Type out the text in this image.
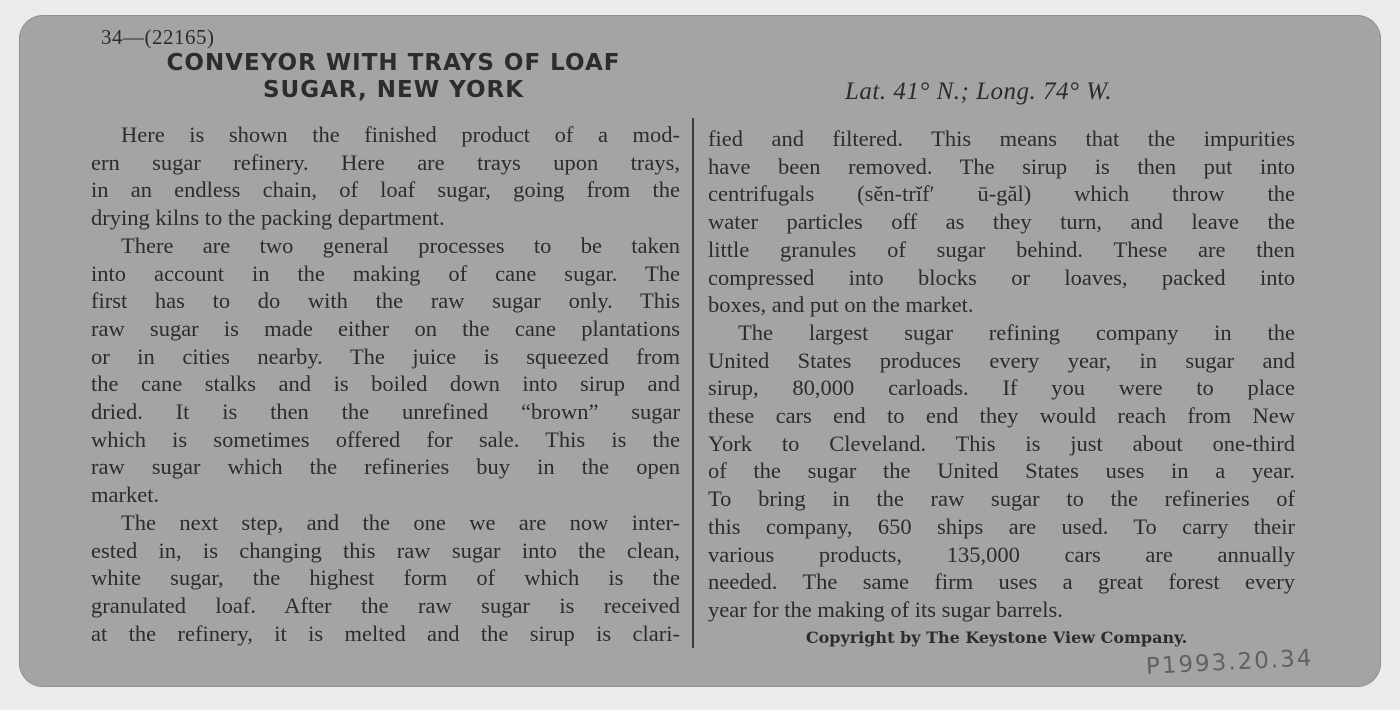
34—(22165)
CONVEYOR WITH TRAYS OF LOAF
SUGAR, NEW YORK	Lat. 41° N.; Long. 74° W.

Here is shown the finished product of a mod-
ern sugar refinery. Here are trays upon trays,
in an endless chain, of loaf sugar, going from the
drying kilns to the packing department.

There are two general processes to be taken
into account in the making of cane sugar. The
first has to do with the raw sugar only. This
raw sugar is made either on the cane plantations
or in cities nearby. The juice is squeezed from
the cane stalks and is boiled down into sirup and
dried. It is then the unrefined “brown” sugar
which is sometimes offered for sale. This is the
raw sugar which the refineries buy in the open
market.

The next step, and the one we are now inter-
ested in, is changing this raw sugar into the clean,
white sugar, the highest form of which is the
granulated loaf. After the raw sugar is received
at the refinery, it is melted and the sirup is clari-

fied and filtered. This means that the impurities
have been removed. The sirup is then put into
centrifugals (sĕn-trĭf′ ū-găl) which throw the
water particles off as they turn, and leave the
little granules of sugar behind. These are then
compressed into blocks or loaves, packed into
boxes, and put on the market.

The largest sugar refining company in the
United States produces every year, in sugar and
sirup, 80,000 carloads. If you were to place
these cars end to end they would reach from New
York to Cleveland. This is just about one-third
of the sugar the United States uses in a year.
To bring in the raw sugar to the refineries of
this company, 650 ships are used. To carry their
various products, 135,000 cars are annually
needed. The same firm uses a great forest every
year for the making of its sugar barrels.

Copyright by The Keystone View Company.
P1993.20.34
